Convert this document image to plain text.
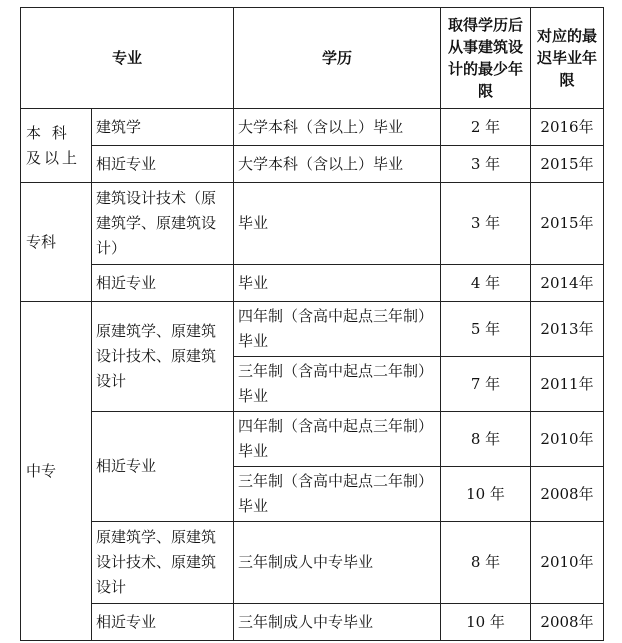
专业		学历	取得学历后从事建筑设计的最少年限	对应的最迟毕业年限
本 科及以上	建筑学	大学本科（含以上）毕业	2 年	2016年
	相近专业	大学本科（含以上）毕业	3 年	2015年
专科	建筑设计技术（原建筑学、原建筑设计）	毕业	3 年	2015年
	相近专业	毕业	4 年	2014年
中专	原建筑学、原建筑设计技术、原建筑设计	四年制（含高中起点三年制）毕业	5 年	2013年
		三年制（含高中起点二年制）毕业	7 年	2011年
	相近专业	四年制（含高中起点三年制）毕业	8 年	2010年
		三年制（含高中起点二年制）毕业	10 年	2008年
	原建筑学、原建筑设计技术、原建筑设计	三年制成人中专毕业	8 年	2010年
	相近专业	三年制成人中专毕业	10 年	2008年
